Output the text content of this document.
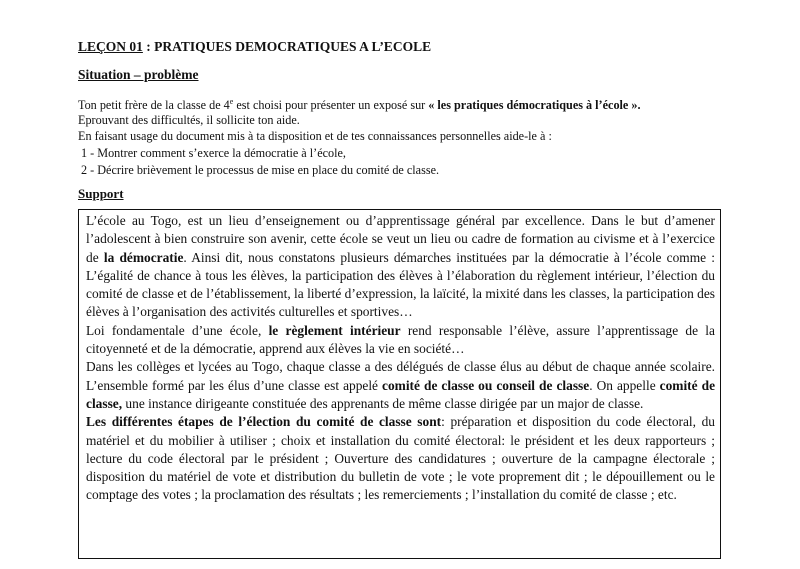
LEÇON 01 : PRATIQUES DEMOCRATIQUES A L’ECOLE
Situation – problème
Ton petit frère de la classe de 4e est choisi pour présenter un exposé sur « les pratiques démocratiques à l’école ».
Eprouvant des difficultés, il sollicite ton aide.
En faisant usage du document mis à ta disposition et de tes connaissances personnelles aide-le à :
1 - Montrer comment s’exerce la démocratie à l’école,
2 - Décrire brièvement le processus de mise en place du comité de classe.
Support

L’école au Togo, est un lieu d’enseignement ou d’apprentissage général par excellence. Dans le but d’amener l’adolescent à bien construire son avenir, cette école se veut un lieu ou cadre de formation au civisme et à l’exercice de la démocratie. Ainsi dit, nous constatons plusieurs démarches instituées par la démocratie à l’école comme : L’égalité de chance à tous les élèves, la participation des élèves à l’élaboration du règlement intérieur, l’élection du comité de classe et de l’établissement, la liberté d’expression, la laïcité, la mixité dans les classes, la participation des élèves à l’organisation des activités culturelles et sportives…

Loi fondamentale d’une école, le règlement intérieur rend responsable l’élève, assure l’apprentissage de la citoyenneté et de la démocratie, apprend aux élèves la vie en société…

Dans les collèges et lycées au Togo, chaque classe a des délégués de classe élus au début de chaque année scolaire. L’ensemble formé par les élus d’une classe est appelé comité de classe ou conseil de classe. On appelle comité de classe, une instance dirigeante constituée des apprenants de même classe dirigée par un major de classe.

Les différentes étapes de l’élection du comité de classe sont: préparation et disposition du code électoral, du matériel et du mobilier à utiliser ; choix et installation du comité électoral: le président et les deux rapporteurs ; lecture du code électoral par le président ; Ouverture des candidatures ; ouverture de la campagne électorale ; disposition du matériel de vote et distribution du bulletin de vote ; le vote proprement dit ; le dépouillement ou le comptage des votes ; la proclamation des résultats ; les remerciements ; l’installation du comité de classe ; etc.
